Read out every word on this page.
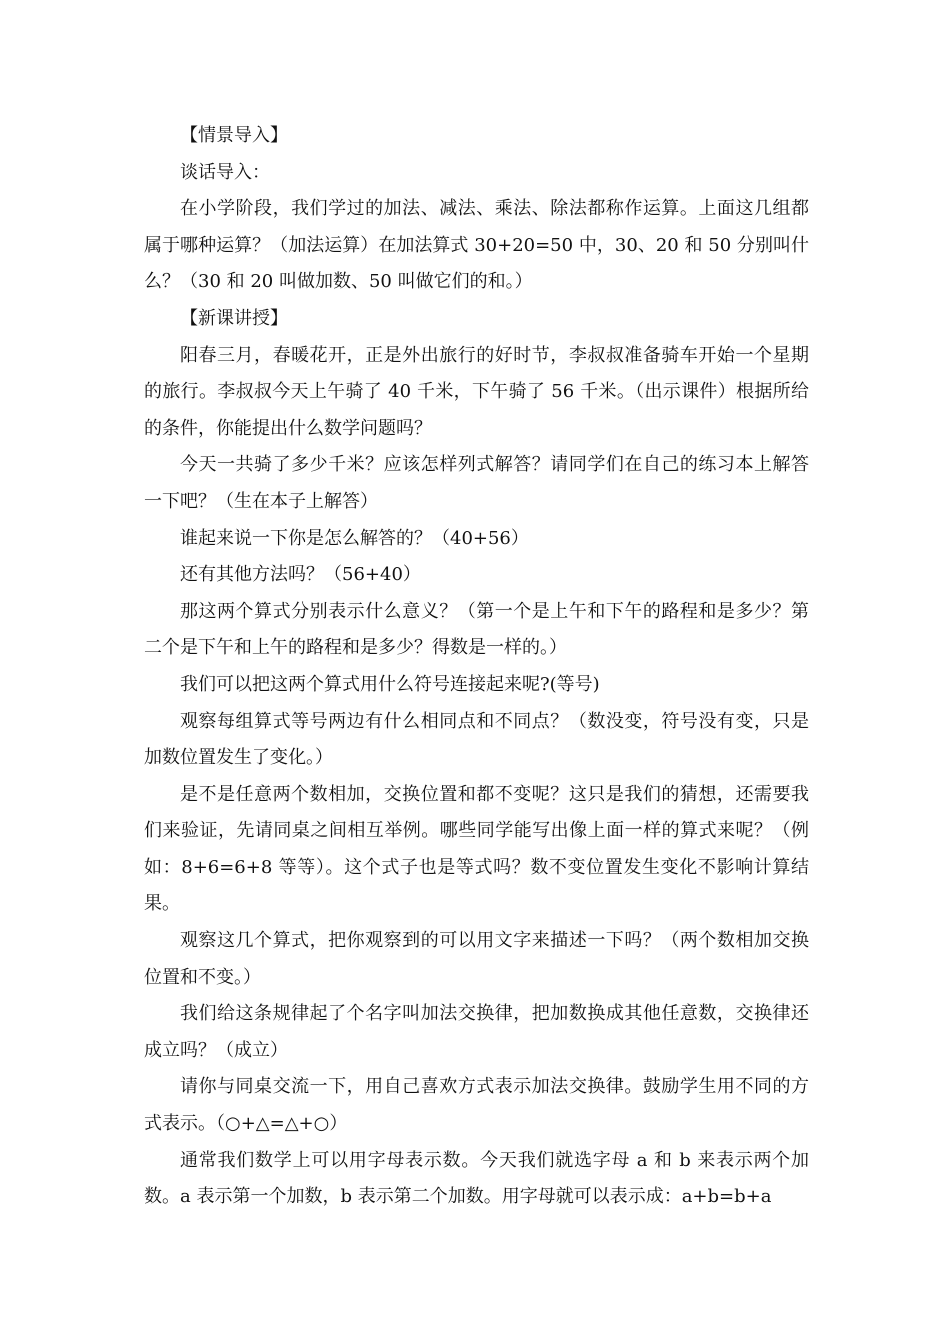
【情景导入】

谈话导入：

在小学阶段，我们学过的加法、减法、乘法、除法都称作运算。上面这几组都属于哪种运算？（加法运算）在加法算式 30+20=50 中，30、20 和 50 分别叫什么？（30 和 20 叫做加数、50 叫做它们的和。）

【新课讲授】

阳春三月，春暖花开，正是外出旅行的好时节，李叔叔准备骑车开始一个星期的旅行。李叔叔今天上午骑了 40 千米，下午骑了 56 千米。（出示课件）根据所给的条件，你能提出什么数学问题吗？

今天一共骑了多少千米？应该怎样列式解答？请同学们在自己的练习本上解答一下吧？（生在本子上解答）

谁起来说一下你是怎么解答的？（40+56）

还有其他方法吗？（56+40）

那这两个算式分别表示什么意义？（第一个是上午和下午的路程和是多少？第二个是下午和上午的路程和是多少？得数是一样的。）

我们可以把这两个算式用什么符号连接起来呢?(等号)

观察每组算式等号两边有什么相同点和不同点？（数没变，符号没有变，只是加数位置发生了变化。）

是不是任意两个数相加，交换位置和都不变呢？这只是我们的猜想，还需要我们来验证，先请同桌之间相互举例。哪些同学能写出像上面一样的算式来呢？（例如：8+6=6+8 等等）。这个式子也是等式吗？数不变位置发生变化不影响计算结果。

观察这几个算式，把你观察到的可以用文字来描述一下吗？（两个数相加交换位置和不变。）

我们给这条规律起了个名字叫加法交换律，把加数换成其他任意数，交换律还成立吗？（成立）

请你与同桌交流一下，用自己喜欢方式表示加法交换律。鼓励学生用不同的方式表示。（○+△=△+○）

通常我们数学上可以用字母表示数。今天我们就选字母 a 和 b 来表示两个加数。a 表示第一个加数，b 表示第二个加数。用字母就可以表示成：a+b=b+a
